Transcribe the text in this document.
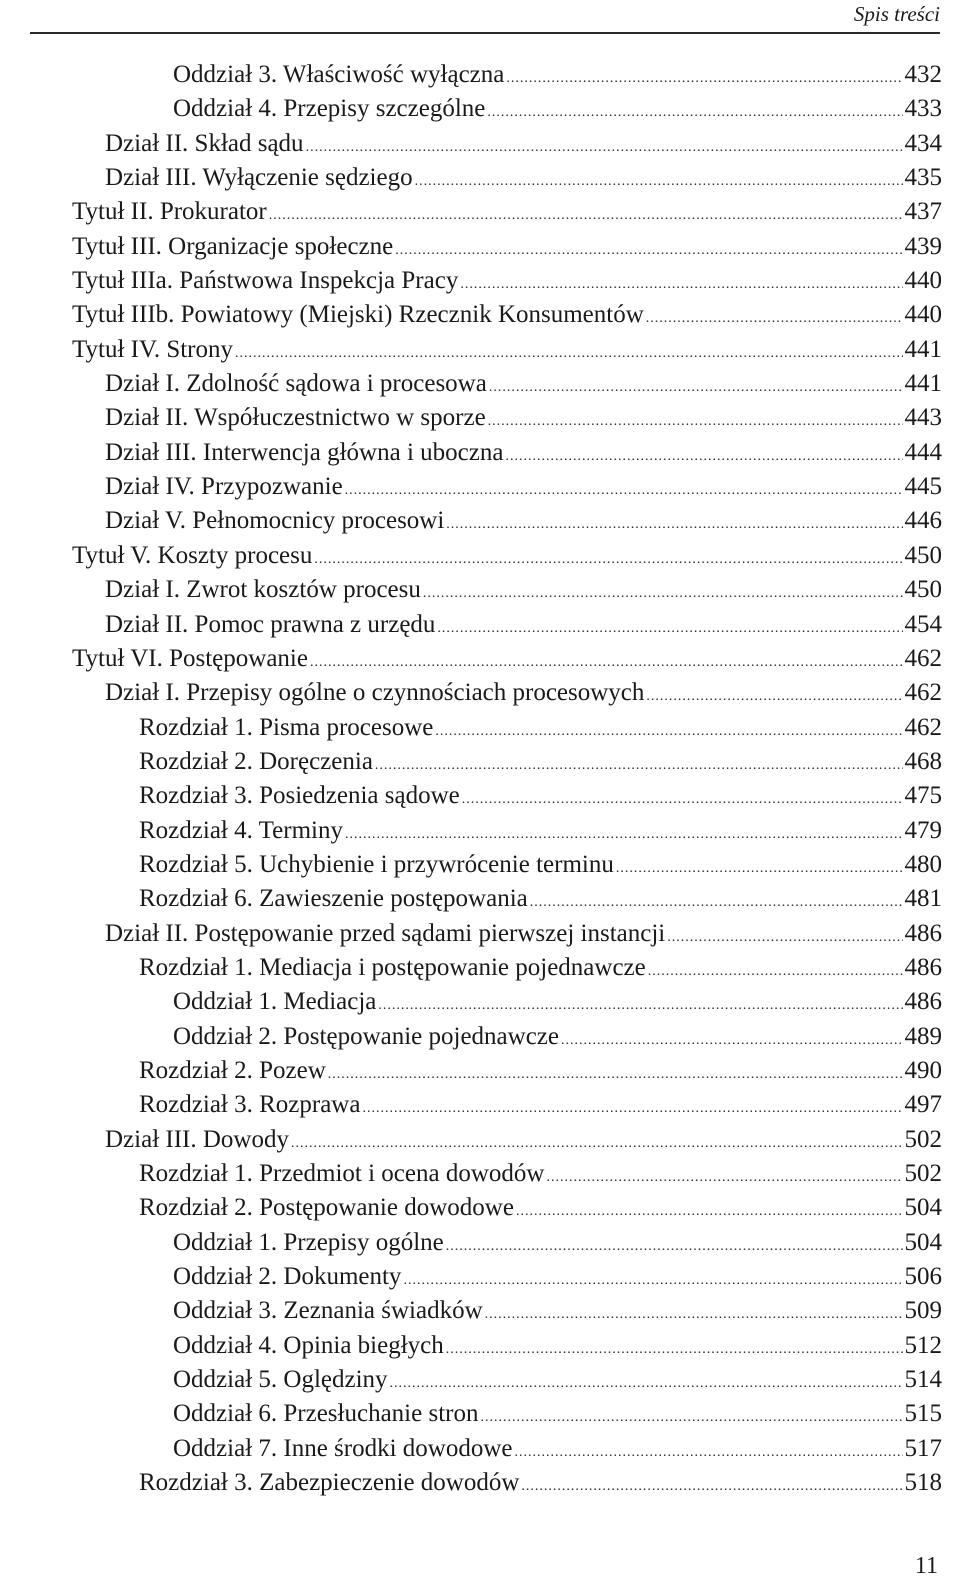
Spis treści
Oddział 3. Właściwość wyłączna .....	432
Oddział 4. Przepisy szczególne .....	433
Dział II. Skład sądu .....	434
Dział III. Wyłączenie sędziego .....	435
Tytuł II. Prokurator .....	437
Tytuł III. Organizacje społeczne .....	439
Tytuł IIIa. Państwowa Inspekcja Pracy .....	440
Tytuł IIIb. Powiatowy (Miejski) Rzecznik Konsumentów .....	440
Tytuł IV. Strony .....	441
Dział I. Zdolność sądowa i procesowa .....	441
Dział II. Współuczestnictwo w sporze .....	443
Dział III. Interwencja główna i uboczna .....	444
Dział IV. Przypozwanie .....	445
Dział V. Pełnomocnicy procesowi .....	446
Tytuł V. Koszty procesu .....	450
Dział I. Zwrot kosztów procesu .....	450
Dział II. Pomoc prawna z urzędu .....	454
Tytuł VI. Postępowanie .....	462
Dział I. Przepisy ogólne o czynnościach procesowych .....	462
Rozdział 1. Pisma procesowe .....	462
Rozdział 2. Doręczenia .....	468
Rozdział 3. Posiedzenia sądowe .....	475
Rozdział 4. Terminy .....	479
Rozdział 5. Uchybienie i przywrócenie terminu .....	480
Rozdział 6. Zawieszenie postępowania .....	481
Dział II. Postępowanie przed sądami pierwszej instancji .....	486
Rozdział 1. Mediacja i postępowanie pojednawcze .....	486
Oddział 1. Mediacja .....	486
Oddział 2. Postępowanie pojednawcze .....	489
Rozdział 2. Pozew .....	490
Rozdział 3. Rozprawa .....	497
Dział III. Dowody .....	502
Rozdział 1. Przedmiot i ocena dowodów .....	502
Rozdział 2. Postępowanie dowodowe .....	504
Oddział 1. Przepisy ogólne .....	504
Oddział 2. Dokumenty .....	506
Oddział 3. Zeznania świadków .....	509
Oddział 4. Opinia biegłych .....	512
Oddział 5. Oględziny .....	514
Oddział 6. Przesłuchanie stron .....	515
Oddział 7. Inne środki dowodowe .....	517
Rozdział 3. Zabezpieczenie dowodów .....	518
11
